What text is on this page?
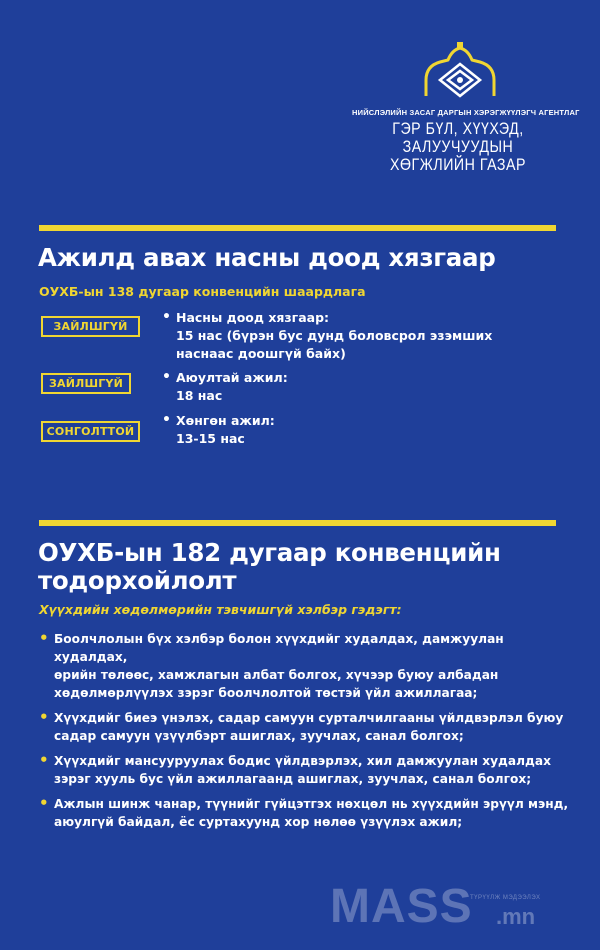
НИЙСЛЭЛИЙН ЗАСАГ ДАРГЫН ХЭРЭГЖҮҮЛЭГЧ АГЕНТЛАГ
ГЭР БҮЛ, ХҮҮХЭД, ЗАЛУУЧУУДЫН
ХӨГЖЛИЙН ГАЗАР
Ажилд авах насны доод хязгаар
ОУХБ-ын 138 дугаар конвенцийн шаардлага
ЗАЙЛШГҮЙ
• Насны доод хязгаар:
15 нас (бүрэн бус дунд боловсрол эзэмших
наснаас доошгүй байх)
ЗАЙЛШГҮЙ	• Аюултай ажил:
18 нас
СОНГОЛТТОЙ
• Хөнгөн ажил:
13-15 нас
ОУХБ-ын 182 дугаар конвенцийн
тодорхойлолт
Хүүхдийн хөдөлмөрийн тэвчишгүй хэлбэр гэдэгт:
• Боолчлолын бүх хэлбэр болон хүүхдийг худалдах, дамжуулан худалдах,
өрийн төлөөс, хамжлагын албат болгох, хүчээр буюу албадан
хөдөлмөрлүүлэх зэрэг боолчлолтой төстэй үйл ажиллагаа;
• Хүүхдийг биеэ үнэлэх, садар самуун сурталчилгааны үйлдвэрлэл буюу
садар самуун үзүүлбэрт ашиглах, зуучлах, санал болгох;
• Хүүхдийг мансууруулах бодис үйлдвэрлэх, хил дамжуулан худалдах
зэрэг хууль бус үйл ажиллагаанд ашиглах, зуучлах, санал болгох;
• Ажлын шинж чанар, түүнийг гүйцэтгэх нөхцөл нь хүүхдийн эрүүл мэнд,
аюулгүй байдал, ёс суртахуунд хор нөлөө үзүүлэх ажил;
MASS
ТҮРҮҮЛЖ МЭДЭЭЛЭХ
.mn
